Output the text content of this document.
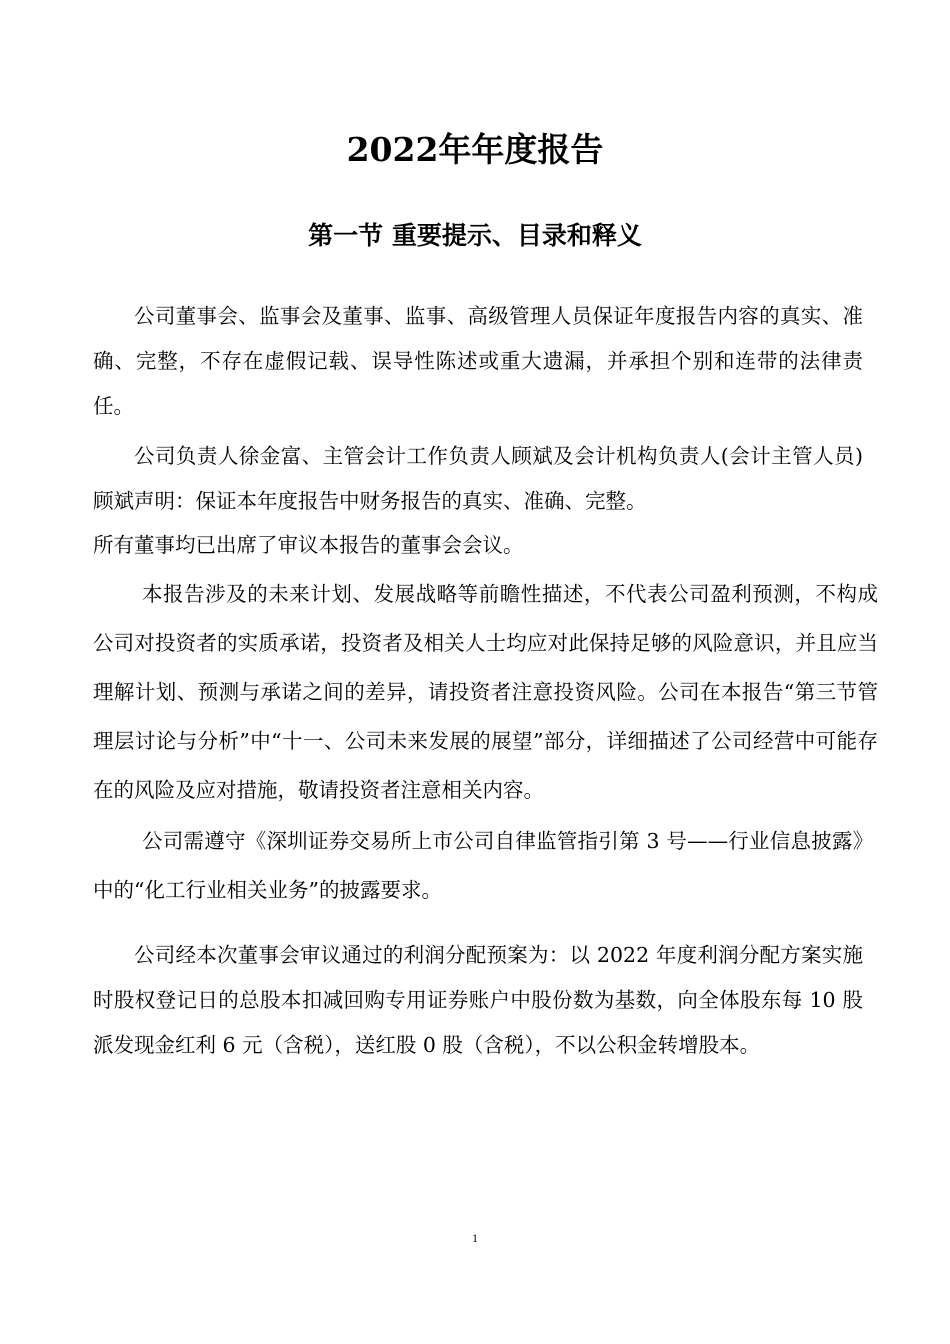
2022年年度报告
第一节 重要提示、目录和释义

公司董事会、监事会及董事、监事、高级管理人员保证年度报告内容的真实、准确、完整，不存在虚假记载、误导性陈述或重大遗漏，并承担个别和连带的法律责任。

公司负责人徐金富、主管会计工作负责人顾斌及会计机构负责人(会计主管人员)顾斌声明：保证本年度报告中财务报告的真实、准确、完整。

所有董事均已出席了审议本报告的董事会会议。

本报告涉及的未来计划、发展战略等前瞻性描述，不代表公司盈利预测，不构成公司对投资者的实质承诺，投资者及相关人士均应对此保持足够的风险意识，并且应当理解计划、预测与承诺之间的差异，请投资者注意投资风险。公司在本报告“第三节管理层讨论与分析”中“十一、公司未来发展的展望”部分，详细描述了公司经营中可能存在的风险及应对措施，敬请投资者注意相关内容。

公司需遵守《深圳证券交易所上市公司自律监管指引第 3 号——行业信息披露》中的“化工行业相关业务”的披露要求。

公司经本次董事会审议通过的利润分配预案为：以 2022 年度利润分配方案实施时股权登记日的总股本扣减回购专用证券账户中股份数为基数，向全体股东每 10 股派发现金红利 6 元（含税），送红股 0 股（含税），不以公积金转增股本。

1
